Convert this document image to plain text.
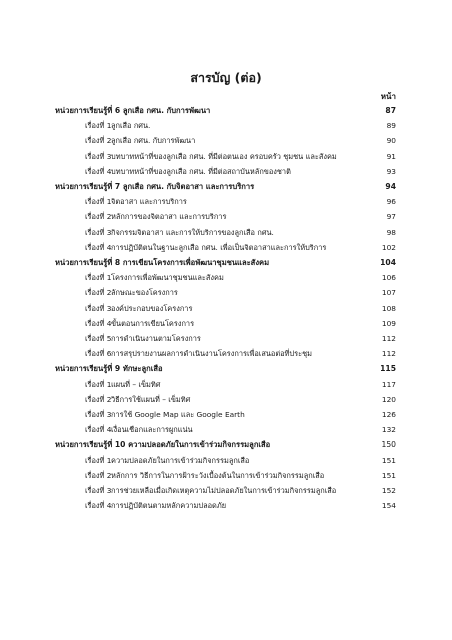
สารบัญ (ต่อ)
หน้า
หน่วยการเรียนรู้ที่ 6 ลูกเสือ กศน. กับการพัฒนา	87
เรื่องที่ 1 ลูกเสือ กศน.	89
เรื่องที่ 2 ลูกเสือ กศน. กับการพัฒนา	90
เรื่องที่ 3 บทบาทหน้าที่ของลูกเสือ กศน. ที่มีต่อตนเอง ครอบครัว ชุมชน และสังคม	91
เรื่องที่ 4 บทบาทหน้าที่ของลูกเสือ กศน. ที่มีต่อสถาบันหลักของชาติ	93
หน่วยการเรียนรู้ที่ 7 ลูกเสือ กศน. กับจิตอาสา และการบริการ	94
เรื่องที่ 1 จิตอาสา และการบริการ	96
เรื่องที่ 2 หลักการของจิตอาสา และการบริการ	97
เรื่องที่ 3 กิจกรรมจิตอาสา และการให้บริการของลูกเสือ กศน.	98
เรื่องที่ 4 การปฏิบัติตนในฐานะลูกเสือ กศน. เพื่อเป็นจิตอาสาและการให้บริการ	102
หน่วยการเรียนรู้ที่ 8 การเขียนโครงการเพื่อพัฒนาชุมชนและสังคม	104
เรื่องที่ 1 โครงการเพื่อพัฒนาชุมชนและสังคม	106
เรื่องที่ 2 ลักษณะของโครงการ	107
เรื่องที่ 3 องค์ประกอบของโครงการ	108
เรื่องที่ 4 ขั้นตอนการเขียนโครงการ	109
เรื่องที่ 5 การดำเนินงานตามโครงการ	112
เรื่องที่ 6 การสรุปรายงานผลการดำเนินงานโครงการเพื่อเสนอต่อที่ประชุม	112
หน่วยการเรียนรู้ที่ 9 ทักษะลูกเสือ	115
เรื่องที่ 1 แผนที่ – เข็มทิศ	117
เรื่องที่ 2 วิธีการใช้แผนที่ – เข็มทิศ	120
เรื่องที่ 3 การใช้ Google Map และ Google Earth	126
เรื่องที่ 4 เงื่อนเชือกและการผูกแน่น	132
หน่วยการเรียนรู้ที่ 10 ความปลอดภัยในการเข้าร่วมกิจกรรมลูกเสือ	150
เรื่องที่ 1 ความปลอดภัยในการเข้าร่วมกิจกรรมลูกเสือ	151
เรื่องที่ 2 หลักการ วิธีการในการฝ้าระวังเบื้องต้นในการเข้าร่วมกิจกรรมลูกเสือ	151
เรื่องที่ 3 การช่วยเหลือเมื่อเกิดเหตุความไม่ปลอดภัยในการเข้าร่วมกิจกรรมลูกเสือ	152
เรื่องที่ 4 การปฏิบัติตนตามหลักความปลอดภัย	154
